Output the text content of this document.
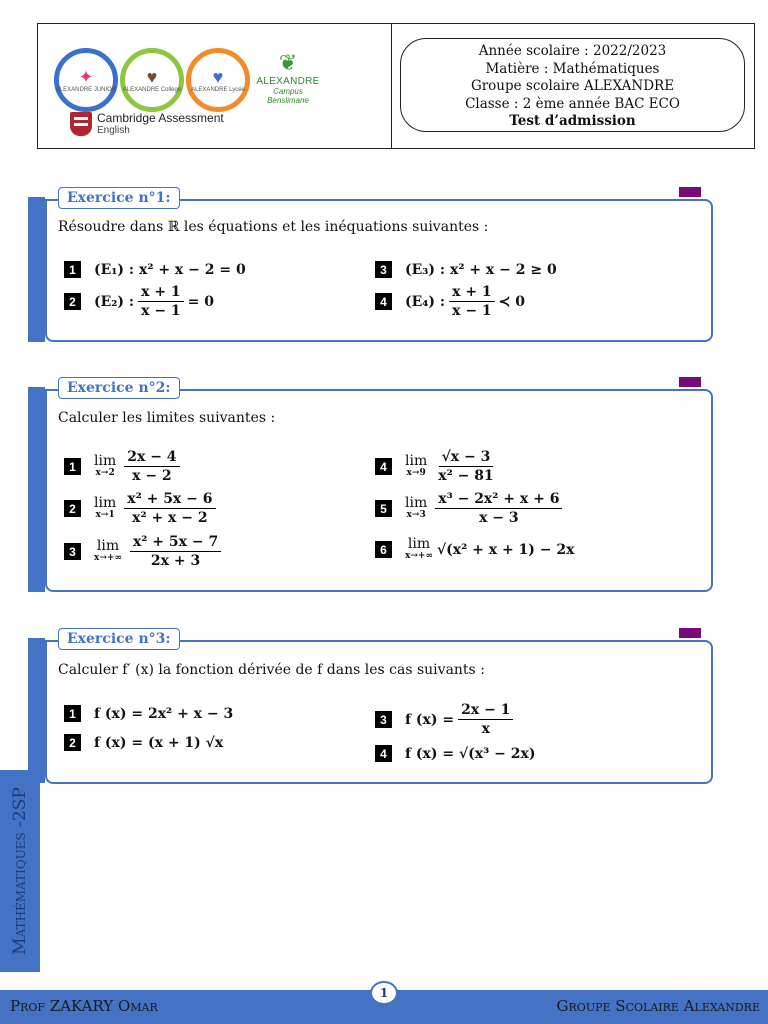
✦
ALEXANDRE JUNIOR
♥
ALEXANDRE Collège
♥
ALEXANDRE Lycée
❦
ALEXANDRE
Campus Benslimane
Cambridge Assessment
English
Année scolaire : 2022/2023
Matière : Mathématiques
Groupe scolaire ALEXANDRE
Classe : 2 ème année BAC ECO
Test d’admission
Exercice n°1:
Résoudre dans ℝ les équations et les inéquations suivantes :
1	(E₁) :
x² + x − 2 = 0
2	(E₂) : $\frac{x + 1}{x - 1} = 0$
3	(E₃) :
x² + x − 2 ≥ 0
4	(E₄) : $\frac{x + 1}{x - 1}$ ≺ 0
Exercice n°2:
Calculer les limites suivantes :
1	lim
$x\to 2 \frac{2x - 4}{x - 2}$
2	lim
$x\to 1 \frac{\text{x² + 5x − 6}}{\text{x² + x − 2}}$
3	lim
$x\to+\infty \frac{\text{x² + 5x − 7}}{2x + 3}$
4	lim
$x\to 9 \frac{√x - 3}{\text{x² − 81}}$
5	lim
$x\to 3 \frac{\text{x³ − 2x² + x + 6}}{x - 3}$
6	lim
x→+∞ √(x² + x + 1) − 2x
Exercice n°3:
Calculer f′ (x) la fonction dérivée de f dans les cas suivants :
1	f (x) = 2x² + x − 3
2	f (x) = (x + 1) √x
3	f $(x) = \frac{2x - 1}{x}$
4	f (x) = √(x³ − 2x)
Mathématiques -2SP
Prof ZAKARY Omar	Groupe Scolaire Alexandre
1
